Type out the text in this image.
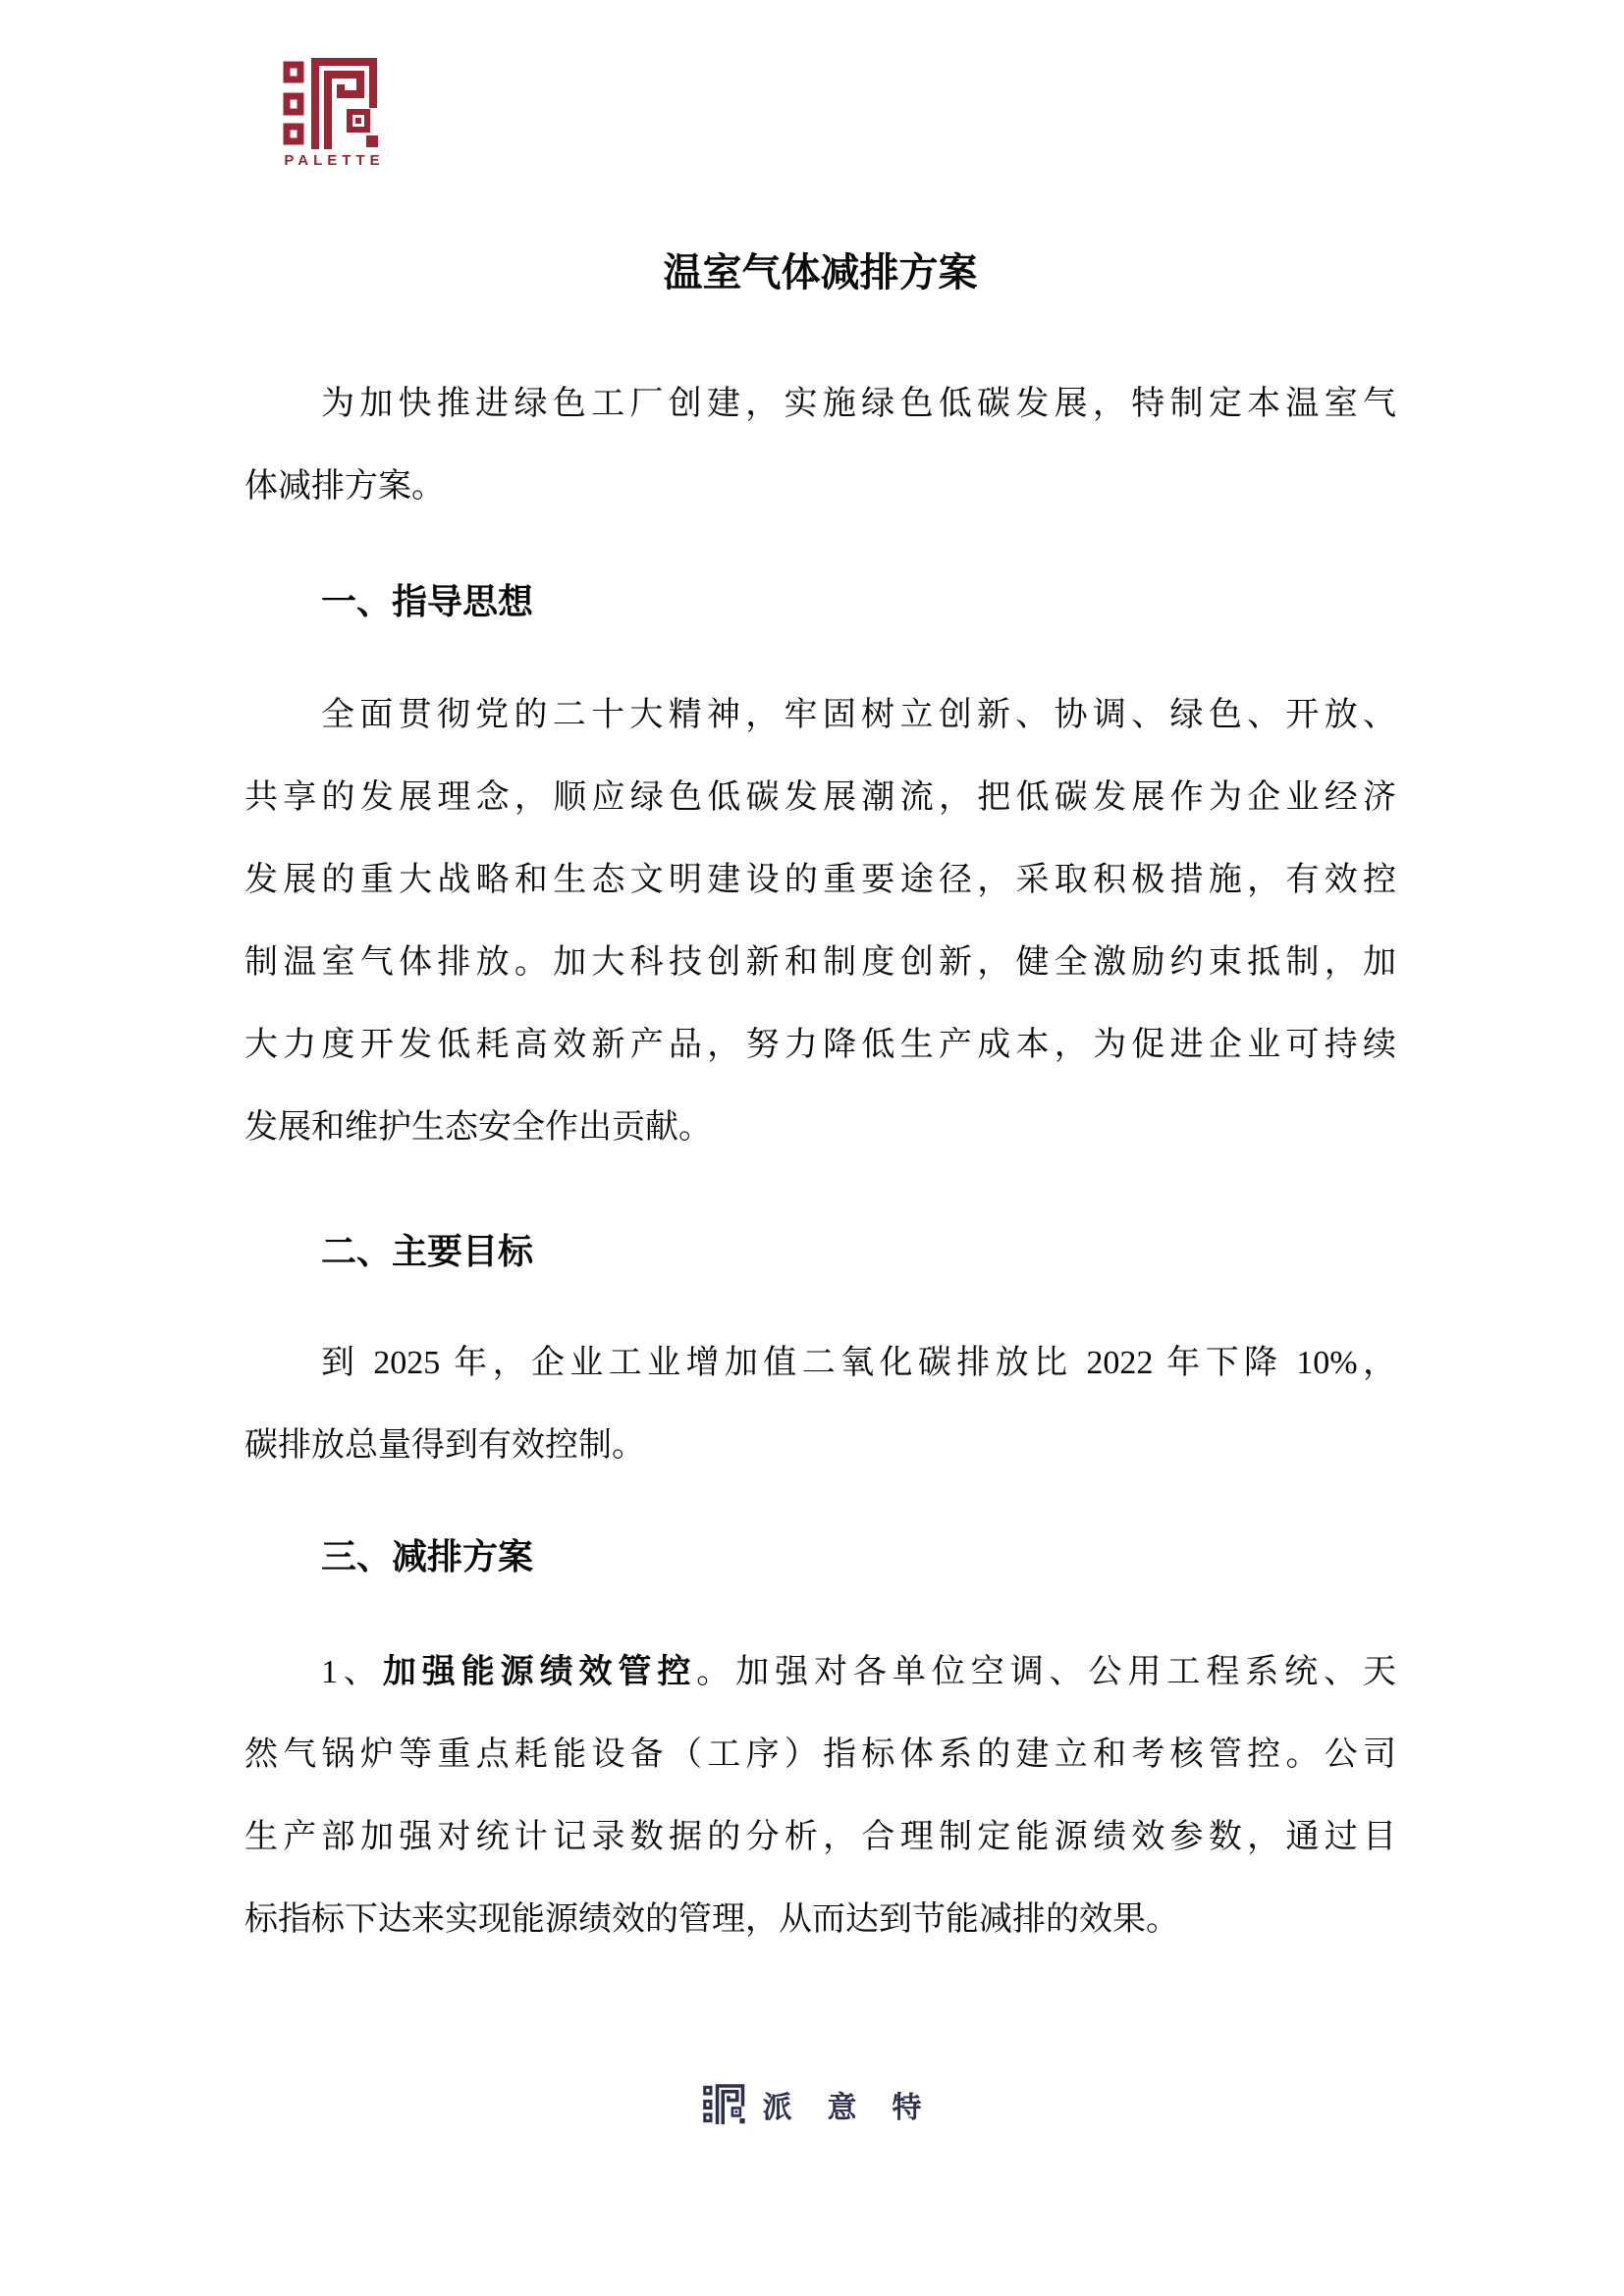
PALETTE
温室气体减排方案
为加快推进绿色工厂创建，实施绿色低碳发展，特制定本温室气
体减排方案。
一、指导思想
全面贯彻党的二十大精神，牢固树立创新、协调、绿色、开放、
共享的发展理念，顺应绿色低碳发展潮流，把低碳发展作为企业经济
发展的重大战略和生态文明建设的重要途径，采取积极措施，有效控
制温室气体排放。加大科技创新和制度创新，健全激励约束抵制，加
大力度开发低耗高效新产品，努力降低生产成本，为促进企业可持续
发展和维护生态安全作出贡献。
二、主要目标
到 2025 年，企业工业增加值二氧化碳排放比 2022 年下降 10%，
碳排放总量得到有效控制。
三、减排方案
1、加强能源绩效管控。加强对各单位空调、公用工程系统、天
然气锅炉等重点耗能设备（工序）指标体系的建立和考核管控。公司
生产部加强对统计记录数据的分析，合理制定能源绩效参数，通过目
标指标下达来实现能源绩效的管理，从而达到节能减排的效果。
派意特
